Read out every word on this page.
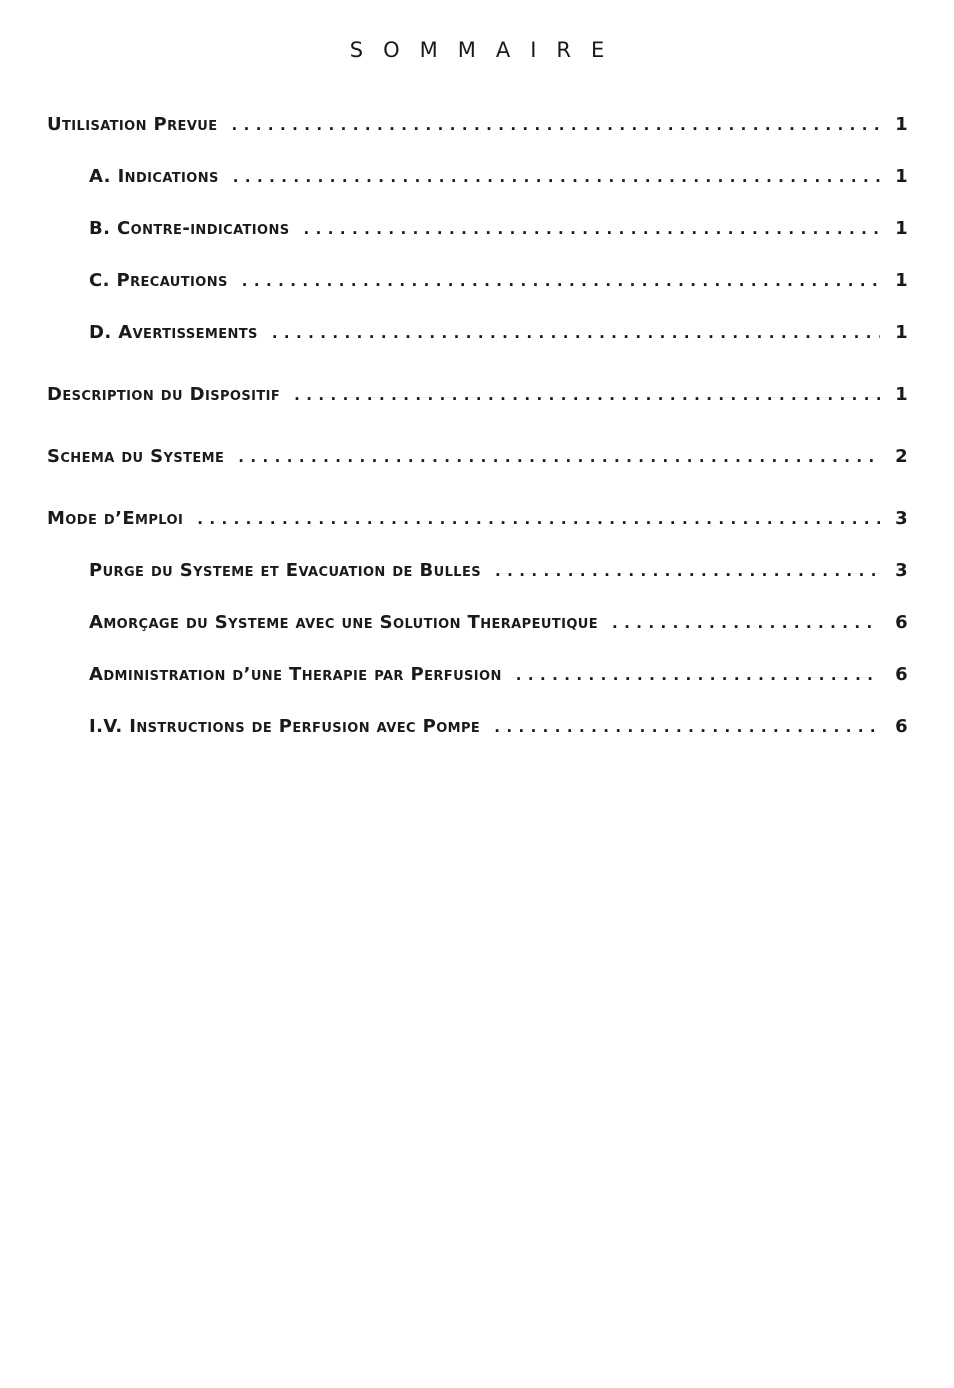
SOMMAIRE
Utilisation Prevue . . .	1
A. Indications . . .	1
B. Contre-indications . . .	1
C. Precautions . . .	1
D. Avertissements . . .	1
Description du Dispositif . . .	1
Schema du Systeme . . .	2
Mode d’Emploi . . .	3
Purge du Systeme et Evacuation de Bulles . . .	3
Amorçage du Systeme avec une Solution Therapeutique . . .	6
Administration d’une Therapie par Perfusion . . .	6
I.V. Instructions de Perfusion avec Pompe . . .	6
